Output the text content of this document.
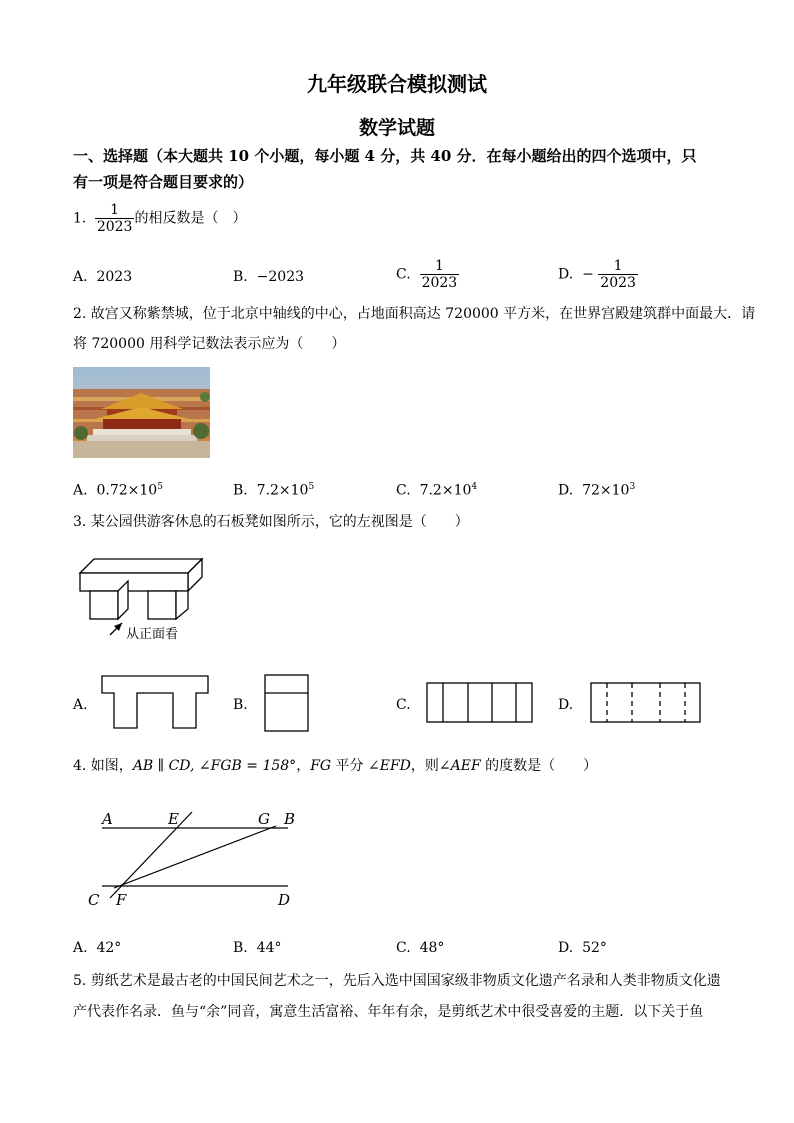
九年级联合模拟测试
数学试题
一、选择题（本大题共 10 个小题，每小题 4 分，共 40 分．在每小题给出的四个选项中，只
有一项是符合题目要求的）
1. $\frac{1}{2023}$ 的相反数是（　）
A. 2023	B. −2023	C. $\frac{1}{2023}$	D. − $\frac{1}{2023}$
2. 故宫又称紫禁城，位于北京中轴线的中心，占地面积高达 720000 平方米，在世界宫殿建筑群中面最大．请
将 720000 用科学记数法表示应为（　　）
A. $0.72\times 10^5$	B. $7.2\times 10^5$	C. $7.2\times 10^4$	D. $72\times 10^3$
3. 某公园供游客休息的石板凳如图所示，它的左视图是（　　）
从正面看
A.	B.	C.	D.
4. 如图，AB ∥ CD, ∠FGB = 158°，FG 平分 ∠EFD，则∠AEF 的度数是（　　）
A	E	G B
C F	D
A. 42°	B. 44°	C. 48°	D. 52°
5. 剪纸艺术是最古老的中国民间艺术之一，先后入选中国国家级非物质文化遗产名录和人类非物质文化遗
产代表作名录．鱼与“余”同音，寓意生活富裕、年年有余，是剪纸艺术中很受喜爱的主题．以下关于鱼
